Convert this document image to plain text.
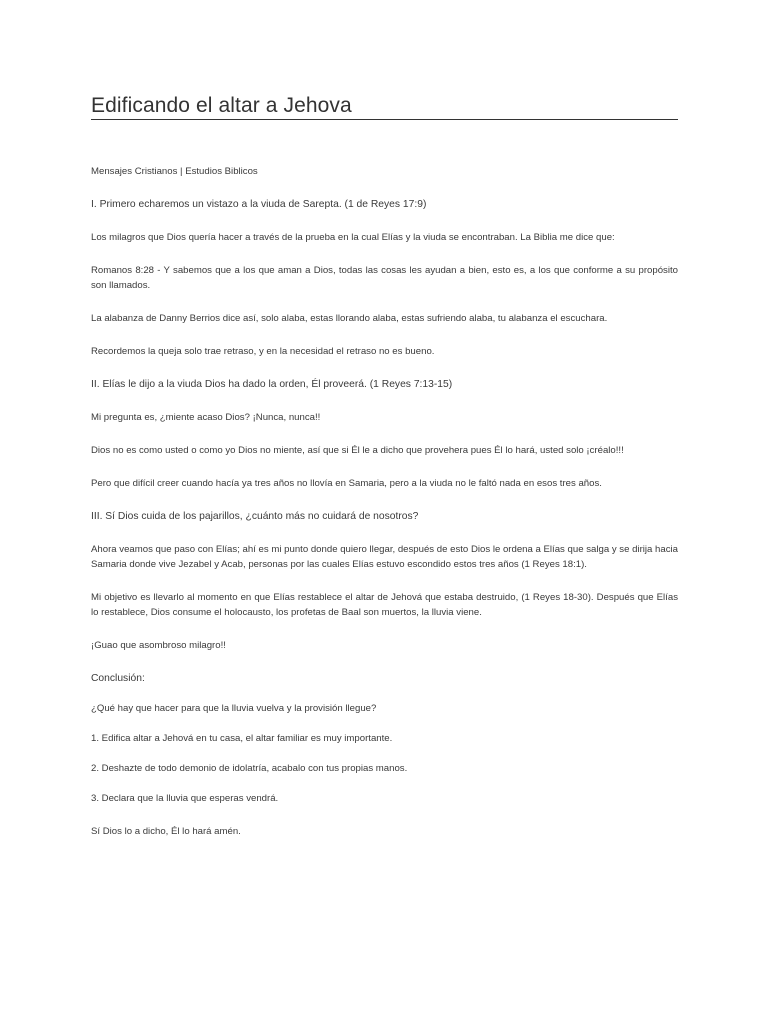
Edificando el altar a Jehova

Mensajes Cristianos | Estudios Biblicos

I. Primero echaremos un vistazo a la viuda de Sarepta. (1 de Reyes 17:9)

Los milagros que Dios quería hacer a través de la prueba en la cual Elías y la viuda se encontraban. La Biblia me dice que:

Romanos 8:28 - Y sabemos que a los que aman a Dios, todas las cosas les ayudan a bien, esto es, a los que conforme a su propósito son llamados.

La alabanza de Danny Berrios dice así, solo alaba, estas llorando alaba, estas sufriendo alaba, tu alabanza el escuchara.

Recordemos la queja solo trae retraso, y en la necesidad el retraso no es bueno.

II. Elías le dijo a la viuda Dios ha dado la orden, Él proveerá. (1 Reyes 7:13-15)

Mi pregunta es, ¿miente acaso Dios? ¡Nunca, nunca!!

Dios no es como usted o como yo Dios no miente, así que si Él le a dicho que provehera pues Él lo hará, usted solo ¡créalo!!!

Pero que difícil creer cuando hacía ya tres años no llovía en Samaria, pero a la viuda no le faltó nada en esos tres años.

III. Sí Dios cuida de los pajarillos, ¿cuánto más no cuidará de nosotros?

Ahora veamos que paso con Elías; ahí es mi punto donde quiero llegar, después de esto Dios le ordena a Elías que salga y se dirija hacia Samaria donde vive Jezabel y Acab, personas por las cuales Elías estuvo escondido estos tres años (1 Reyes 18:1).

Mi objetivo es llevarlo al momento en que Elías restablece el altar de Jehová que estaba destruido, (1 Reyes 18-30). Después que Elías lo restablece, Dios consume el holocausto, los profetas de Baal son muertos, la lluvia viene.

¡Guao que asombroso milagro!!

Conclusión:

¿Qué hay que hacer para que la lluvia vuelva y la provisión llegue?

1. Edifica altar a Jehová en tu casa, el altar familiar es muy importante.

2. Deshazte de todo demonio de idolatría, acabalo con tus propias manos.

3. Declara que la lluvia que esperas vendrá.

Sí Dios lo a dicho, Él lo hará amén.
